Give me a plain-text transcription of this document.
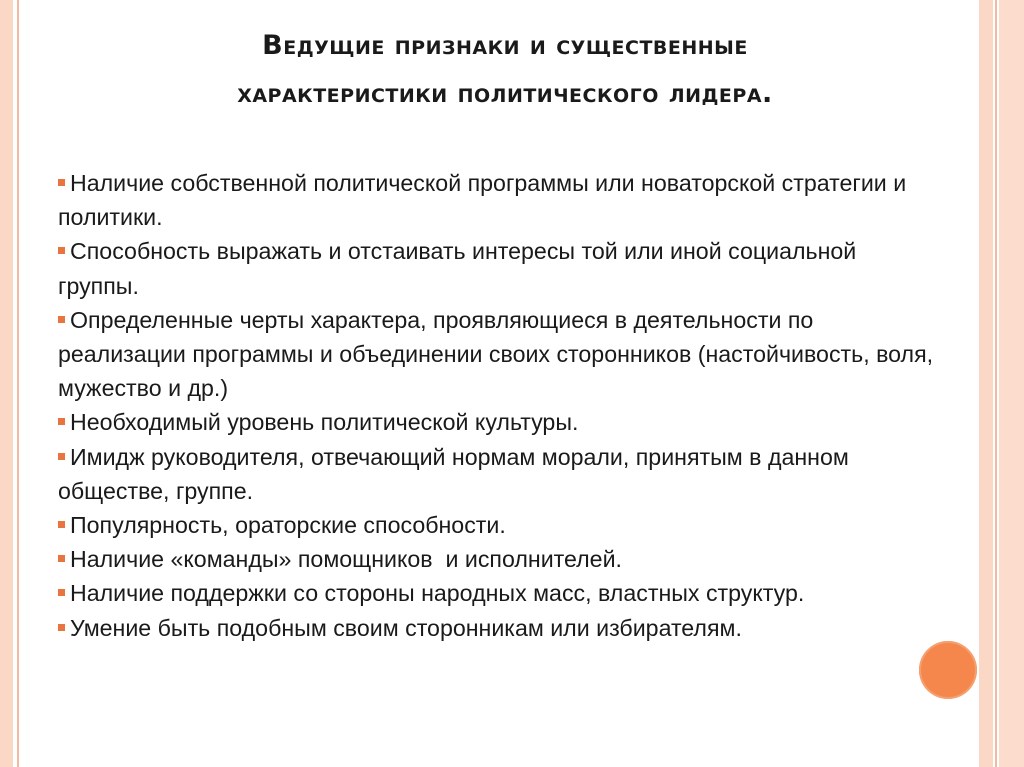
Ведущие признаки и существенные
характеристики политического лидера.
Наличие собственной политической программы или новаторской стратегии и политики.
Способность выражать и отстаивать интересы той или иной социальной группы.
Определенные черты характера, проявляющиеся в деятельности по реализации программы и объединении своих сторонников (настойчивость, воля, мужество и др.)
Необходимый уровень политической культуры.
Имидж руководителя, отвечающий нормам морали, принятым в данном обществе, группе.
Популярность, ораторские способности.
Наличие «команды» помощников  и исполнителей.
Наличие поддержки со стороны народных масс, властных структур.
Умение быть подобным своим сторонникам или избирателям.
